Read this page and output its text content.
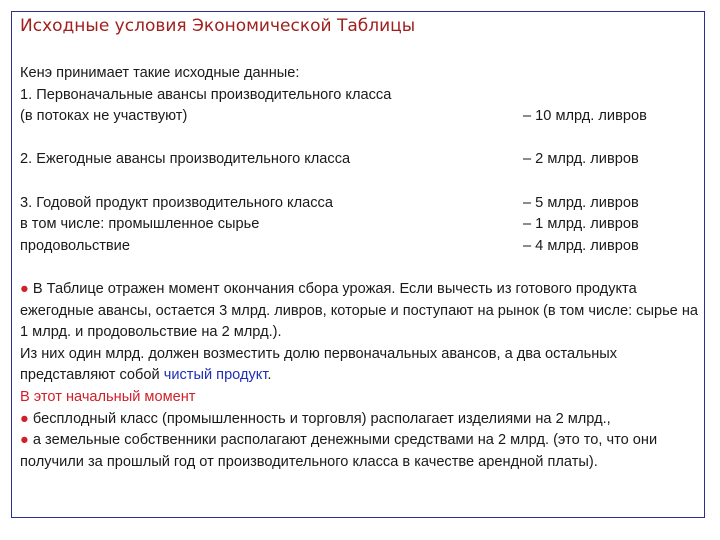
Исходные условия Экономической Таблицы
Кенэ принимает такие исходные данные:
1. Первоначальные авансы производительного класса
(в потоках не участвуют)	– 10 млрд. ливров
2. Ежегодные авансы производительного класса	– 2 млрд. ливров
3. Годовой продукт производительного класса	– 5 млрд. ливров
в том числе: промышленное сырье	– 1 млрд. ливров
продовольствие	– 4 млрд. ливров
● В Таблице отражен момент окончания сбора урожая. Если вычесть из готового продукта ежегодные авансы, остается 3 млрд. ливров, которые и поступают на рынок (в том числе: сырье на 1 млрд. и продовольствие на 2 млрд.).
Из них один млрд. должен возместить долю первоначальных авансов, а два остальных представляют собой чистый продукт.
В этот начальный момент
● бесплодный класс (промышленность и торговля) располагает изделиями на 2 млрд.,
● а земельные собственники располагают денежными средствами на 2 млрд. (это то, что они получили за прошлый год от производительного класса в качестве арендной платы).
